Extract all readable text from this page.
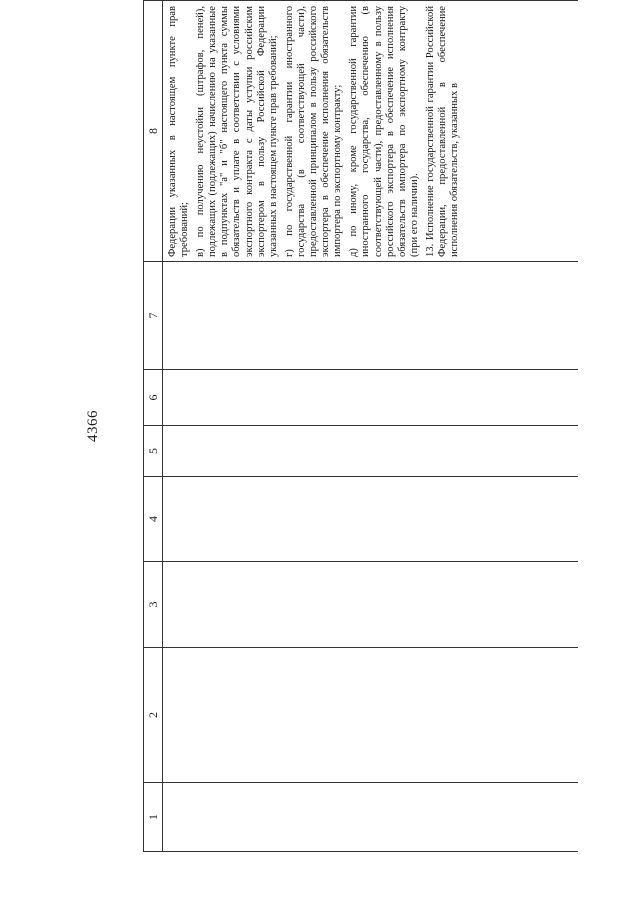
4366
1
2
3
4
5
6
7
8 Федерации указанных в настоящем пункте прав требований; в) по получению неустойки (штрафов, пеней), подлежащих (подлежащих) начислению на указанные в подпунктах "а" и "б" настоящего пункта суммы обязательств и уплате в соответствии с условиями экспортного контракта с даты уступки российским экспортером в пользу Российской Федерации указанных в настоящем пункте прав требований; г) по государственной гарантии иностранного государства (в соответствующей части), предоставленной принципалом в пользу российского экспортера в обеспечение исполнения обязательств импортера по экспортному контракту; д) по иному, кроме государственной гарантии иностранного государства, обеспечению (в соответствующей части), предоставленному в пользу российского экспортера в обеспечение исполнения обязательств импортера по экспортному контракту (при его наличии). 13. Исполнение государственной гарантии Российской Федерации, предоставленной в обеспечение исполнения обязательств, указанных в
